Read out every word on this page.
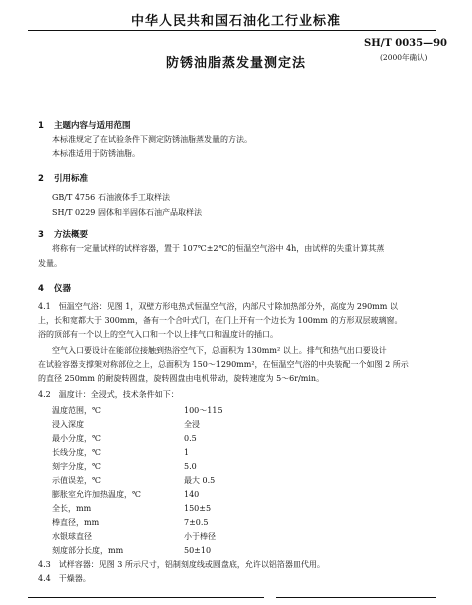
中华人民共和国石油化工行业标准
SH/T 0035—90
防锈油脂蒸发量测定法	(2000年确认)
1 主题内容与适用范围
本标准规定了在试验条件下测定防锈油脂蒸发量的方法。
本标准适用于防锈油脂。
2 引用标准
GB/T 4756 石油液体手工取样法
SH/T 0229 固体和半固体石油产品取样法
3 方法概要
将称有一定量试样的试样容器，置于 107℃±2℃的恒温空气浴中 4h，由试样的失重计算其蒸
发量。
4 仪器
4.1　恒温空气浴：见图 1，双壁方形电热式恒温空气浴，内部尺寸除加热部分外，高度为 290mm 以
上，长和宽都大于 300mm，备有一个合叶式门，在门上开有一个边长为 100mm 的方形双层玻璃窗。
浴的顶部有一个以上的空气入口和一个以上排气口和温度计的插口。
空气入口要设计在能部位接触到热浴空气下，总面积为 130mm² 以上。排气和热气出口要设计
在试验容器支撑架对称部位之上，总面积为 150～1290mm²，在恒温空气浴的中央装配一个如图 2 所示
的直径 250mm 的耐旋转圆盘，旋转圆盘由电机带动，旋转速度为 5～6r/min。
4.2　温度计：全浸式，技术条件如下：
温度范围，℃	100～115
浸入深度	全浸
最小分度，℃	0.5
长线分度，℃	1
刻字分度，℃	5.0
示值误差，℃	最大 0.5
膨胀室允许加热温度，℃	140
全长，mm	150±5
棒直径，mm	7±0.5
水银球直径	小于棒径
刻度部分长度，mm	50±10
4.3　试样容器：见图 3 所示尺寸，铝制刻度线或圆盘底，允许以铝箔器皿代用。
4.4　干燥器。
